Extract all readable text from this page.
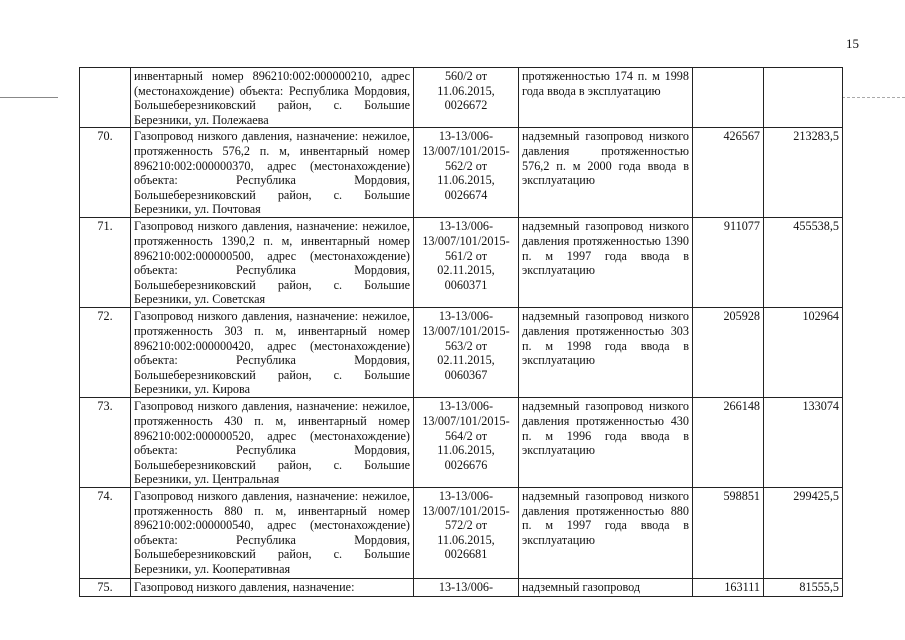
15
	инвентарный номер 896210:002:000000210, адрес (местонахождение) объекта: Республика Мордовия, Большеберезниковский район, с. Большие Березники, ул. Полежаева	560/2 от 11.06.2015, 0026672	протяженностью 174 п. м 1998 года ввода в эксплуатацию		
70.	Газопровод низкого давления, назначение: нежилое, протяженность 576,2 п. м, инвентарный номер 896210:002:000000370, адрес (местонахождение) объекта: Республика Мордовия, Большеберезниковский район, с. Большие Березники, ул. Почтовая	13-13/006-13/007/101/2015-562/2 от 11.06.2015, 0026674	надземный газопровод низкого давления протяженностью 576,2 п. м 2000 года ввода в эксплуатацию	426567	213283,5
71.	Газопровод низкого давления, назначение: нежилое, протяженность 1390,2 п. м, инвентарный номер 896210:002:000000500, адрес (местонахождение) объекта: Республика Мордовия, Большеберезниковский район, с. Большие Березники, ул. Советская	13-13/006-13/007/101/2015-561/2 от 02.11.2015, 0060371	надземный газопровод низкого давления протяженностью 1390 п. м 1997 года ввода в эксплуатацию	911077	455538,5
72.	Газопровод низкого давления, назначение: нежилое, протяженность 303 п. м, инвентарный номер 896210:002:000000420, адрес (местонахождение) объекта: Республика Мордовия, Большеберезниковский район, с. Большие Березники, ул. Кирова	13-13/006-13/007/101/2015-563/2 от 02.11.2015, 0060367	надземный газопровод низкого давления протяженностью 303 п. м 1998 года ввода в эксплуатацию	205928	102964
73.	Газопровод низкого давления, назначение: нежилое, протяженность 430 п. м, инвентарный номер 896210:002:000000520, адрес (местонахождение) объекта: Республика Мордовия, Большеберезниковский район, с. Большие Березники, ул. Центральная	13-13/006-13/007/101/2015-564/2 от 11.06.2015, 0026676	надземный газопровод низкого давления протяженностью 430 п. м 1996 года ввода в эксплуатацию	266148	133074
74.	Газопровод низкого давления, назначение: нежилое, протяженность 880 п. м, инвентарный номер 896210:002:000000540, адрес (местонахождение) объекта: Республика Мордовия, Большеберезниковский район, с. Большие Березники, ул. Кооперативная	13-13/006-13/007/101/2015-572/2 от 11.06.2015, 0026681	надземный газопровод низкого давления протяженностью 880 п. м 1997 года ввода в эксплуатацию	598851	299425,5
75.	Газопровод низкого давления, назначение:	13-13/006-	надземный газопровод	163111	81555,5
